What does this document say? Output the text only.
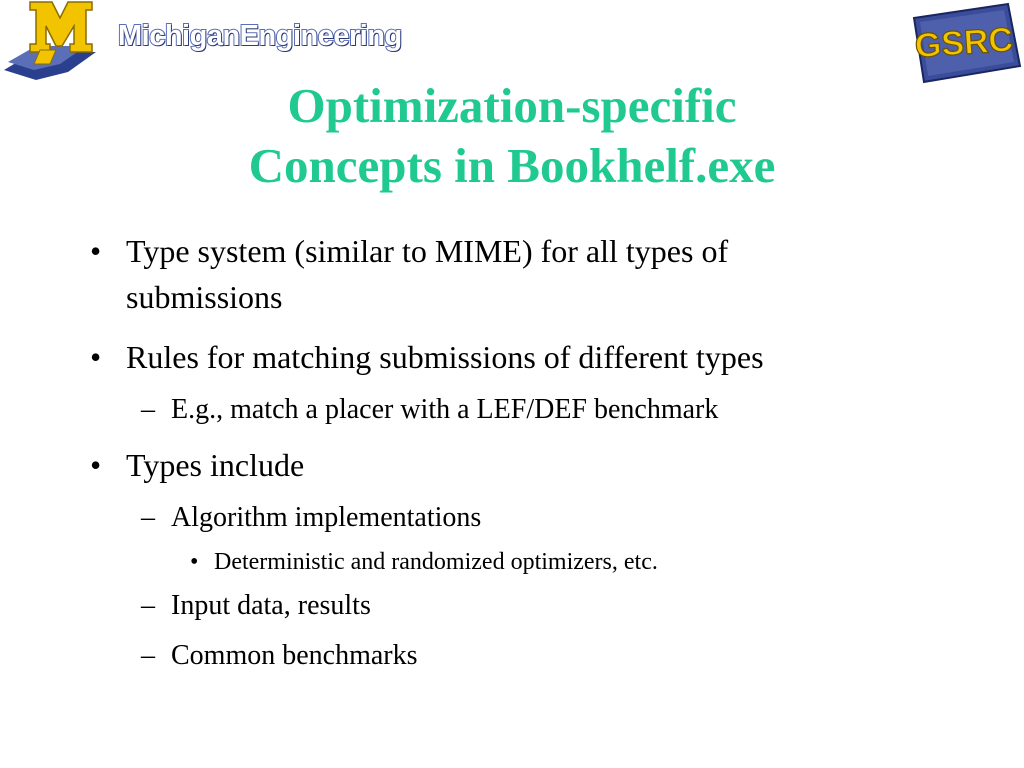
MichiganEngineering	GSRC
Optimization-specific
Concepts in Bookhelf.exe
• Type system (similar to MIME) for all types of
submissions
• Rules for matching submissions of different types
– E.g., match a placer with a LEF/DEF benchmark
• Types include
– Algorithm implementations
• Deterministic and randomized optimizers, etc.
– Input data, results
– Common benchmarks
